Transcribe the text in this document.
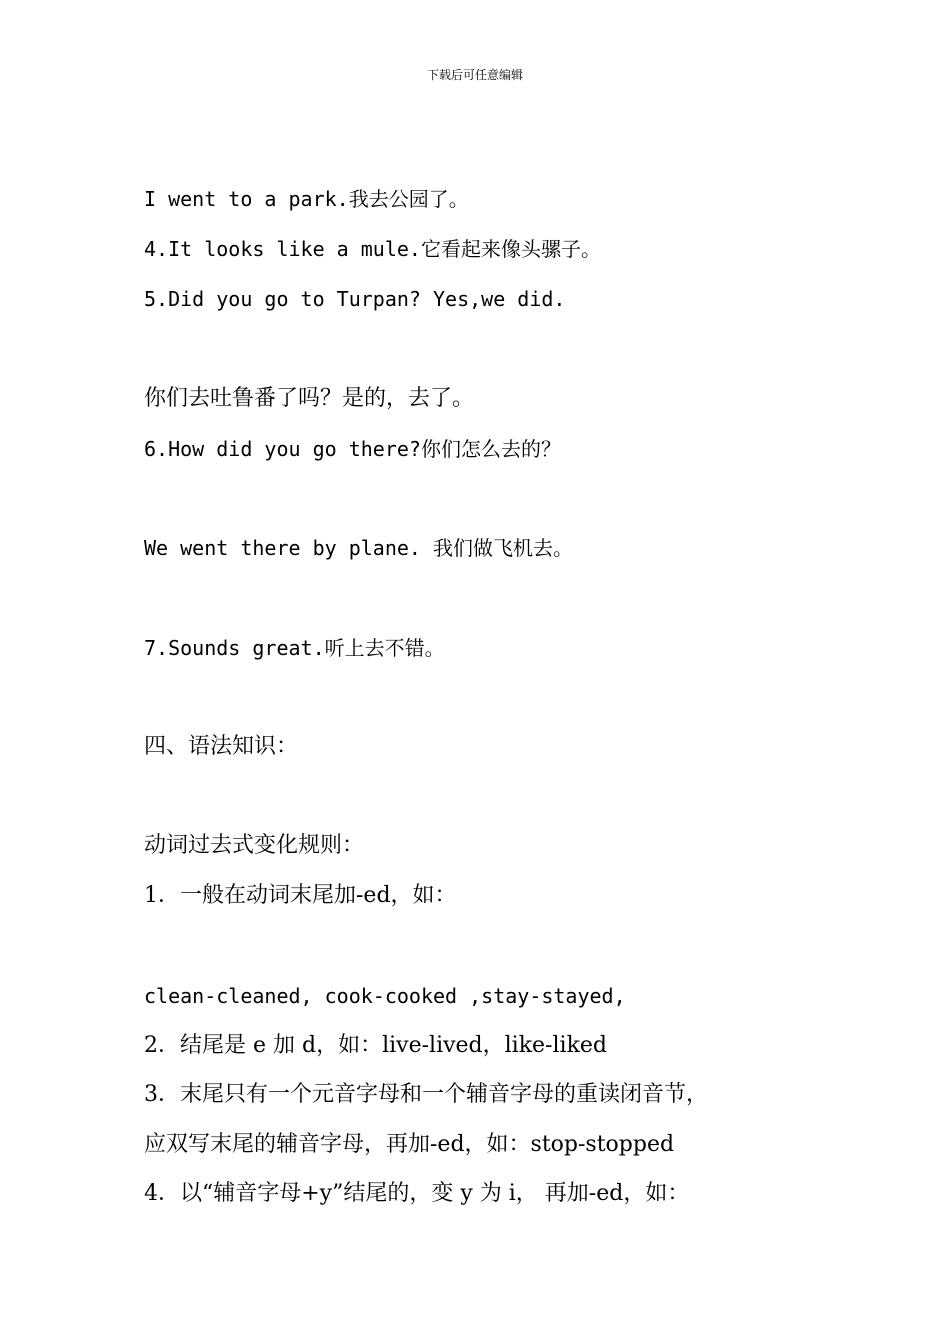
下载后可任意编辑
I went to a park.我去公园了。
4.It looks like a mule.它看起来像头骡子。
5.Did you go to Turpan? Yes,we did.
你们去吐鲁番了吗？是的，去了。
6.How did you go there?你们怎么去的？
We went there by plane. 我们做飞机去。
7.Sounds great.听上去不错。
四、语法知识：
动词过去式变化规则：
1．一般在动词末尾加-ed，如：
clean-cleaned, cook-cooked ,stay-stayed,
2．结尾是 e 加 d，如：live-lived，like-liked
3．末尾只有一个元音字母和一个辅音字母的重读闭音节，
应双写末尾的辅音字母，再加-ed，如：stop-stopped
4．以“辅音字母+y”结尾的，变 y 为 i， 再加-ed，如：
